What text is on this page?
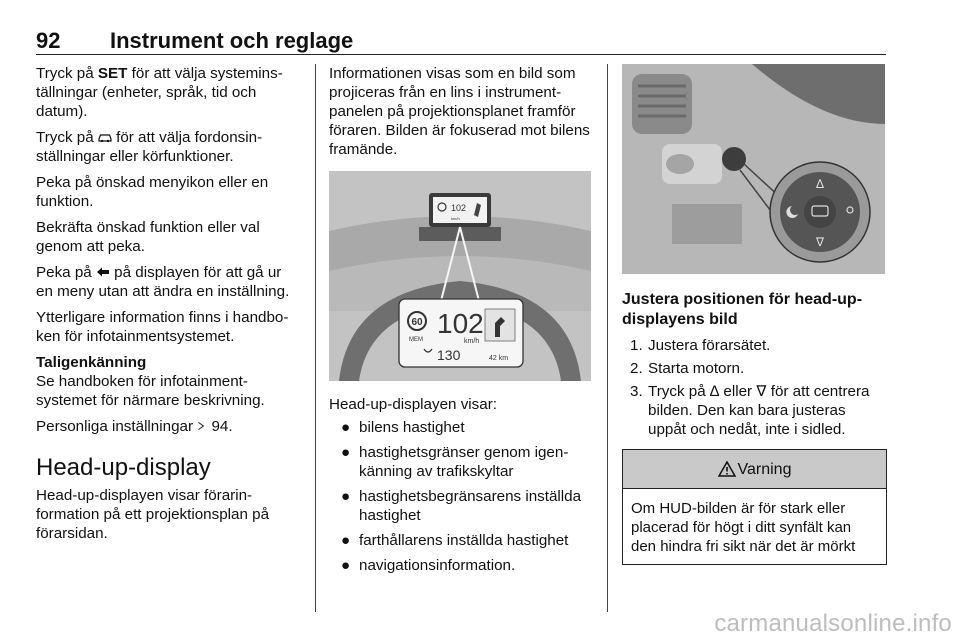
92 Instrument och reglage

Tryck på SET för att välja systeminställningar (enheter, språk, tid och datum).

Tryck på  för att välja fordonsinställningar eller körfunktioner.

Peka på önskad menyikon eller en funktion.

Bekräfta önskad funktion eller val genom att peka.

Peka på  på displayen för att gå ur en meny utan att ändra en inställning.

Ytterligare information finns i handboken för infotainmentsystemet.

Taligenkänning

Se handboken för infotainmentsystemet för närmare beskrivning.

Personliga inställningar  94.

Head-up-display

Head-up-displayen visar förarinformation på ett projektionsplan på förarsidan.

Informationen visas som en bild som projiceras från en lins i instrumentpanelen på projektionsplanet framför föraren. Bilden är fokuserad mot bilens framände.

102
km/h
60
MEM
102
km/h
130	42 km

Head-up-displayen visar:

● bilens hastighet
● hastighetsgränser genom igenkänning av trafikskyltar
● hastighetsbegränsarens inställda hastighet
● farthållarens inställda hastighet
● navigationsinformation.
∆
∇
Justera positionen för head-up-displayens bild
1. Justera förarsätet.
2. Starta motorn.
3. Tryck på ∆ eller ∇ för att centrera bilden. Den kan bara justeras uppåt och nedåt, inte i sidled.
Varning
Om HUD-bilden är för stark eller placerad för högt i ditt synfält kan den hindra fri sikt när det är mörkt
carmanualsonline.info
